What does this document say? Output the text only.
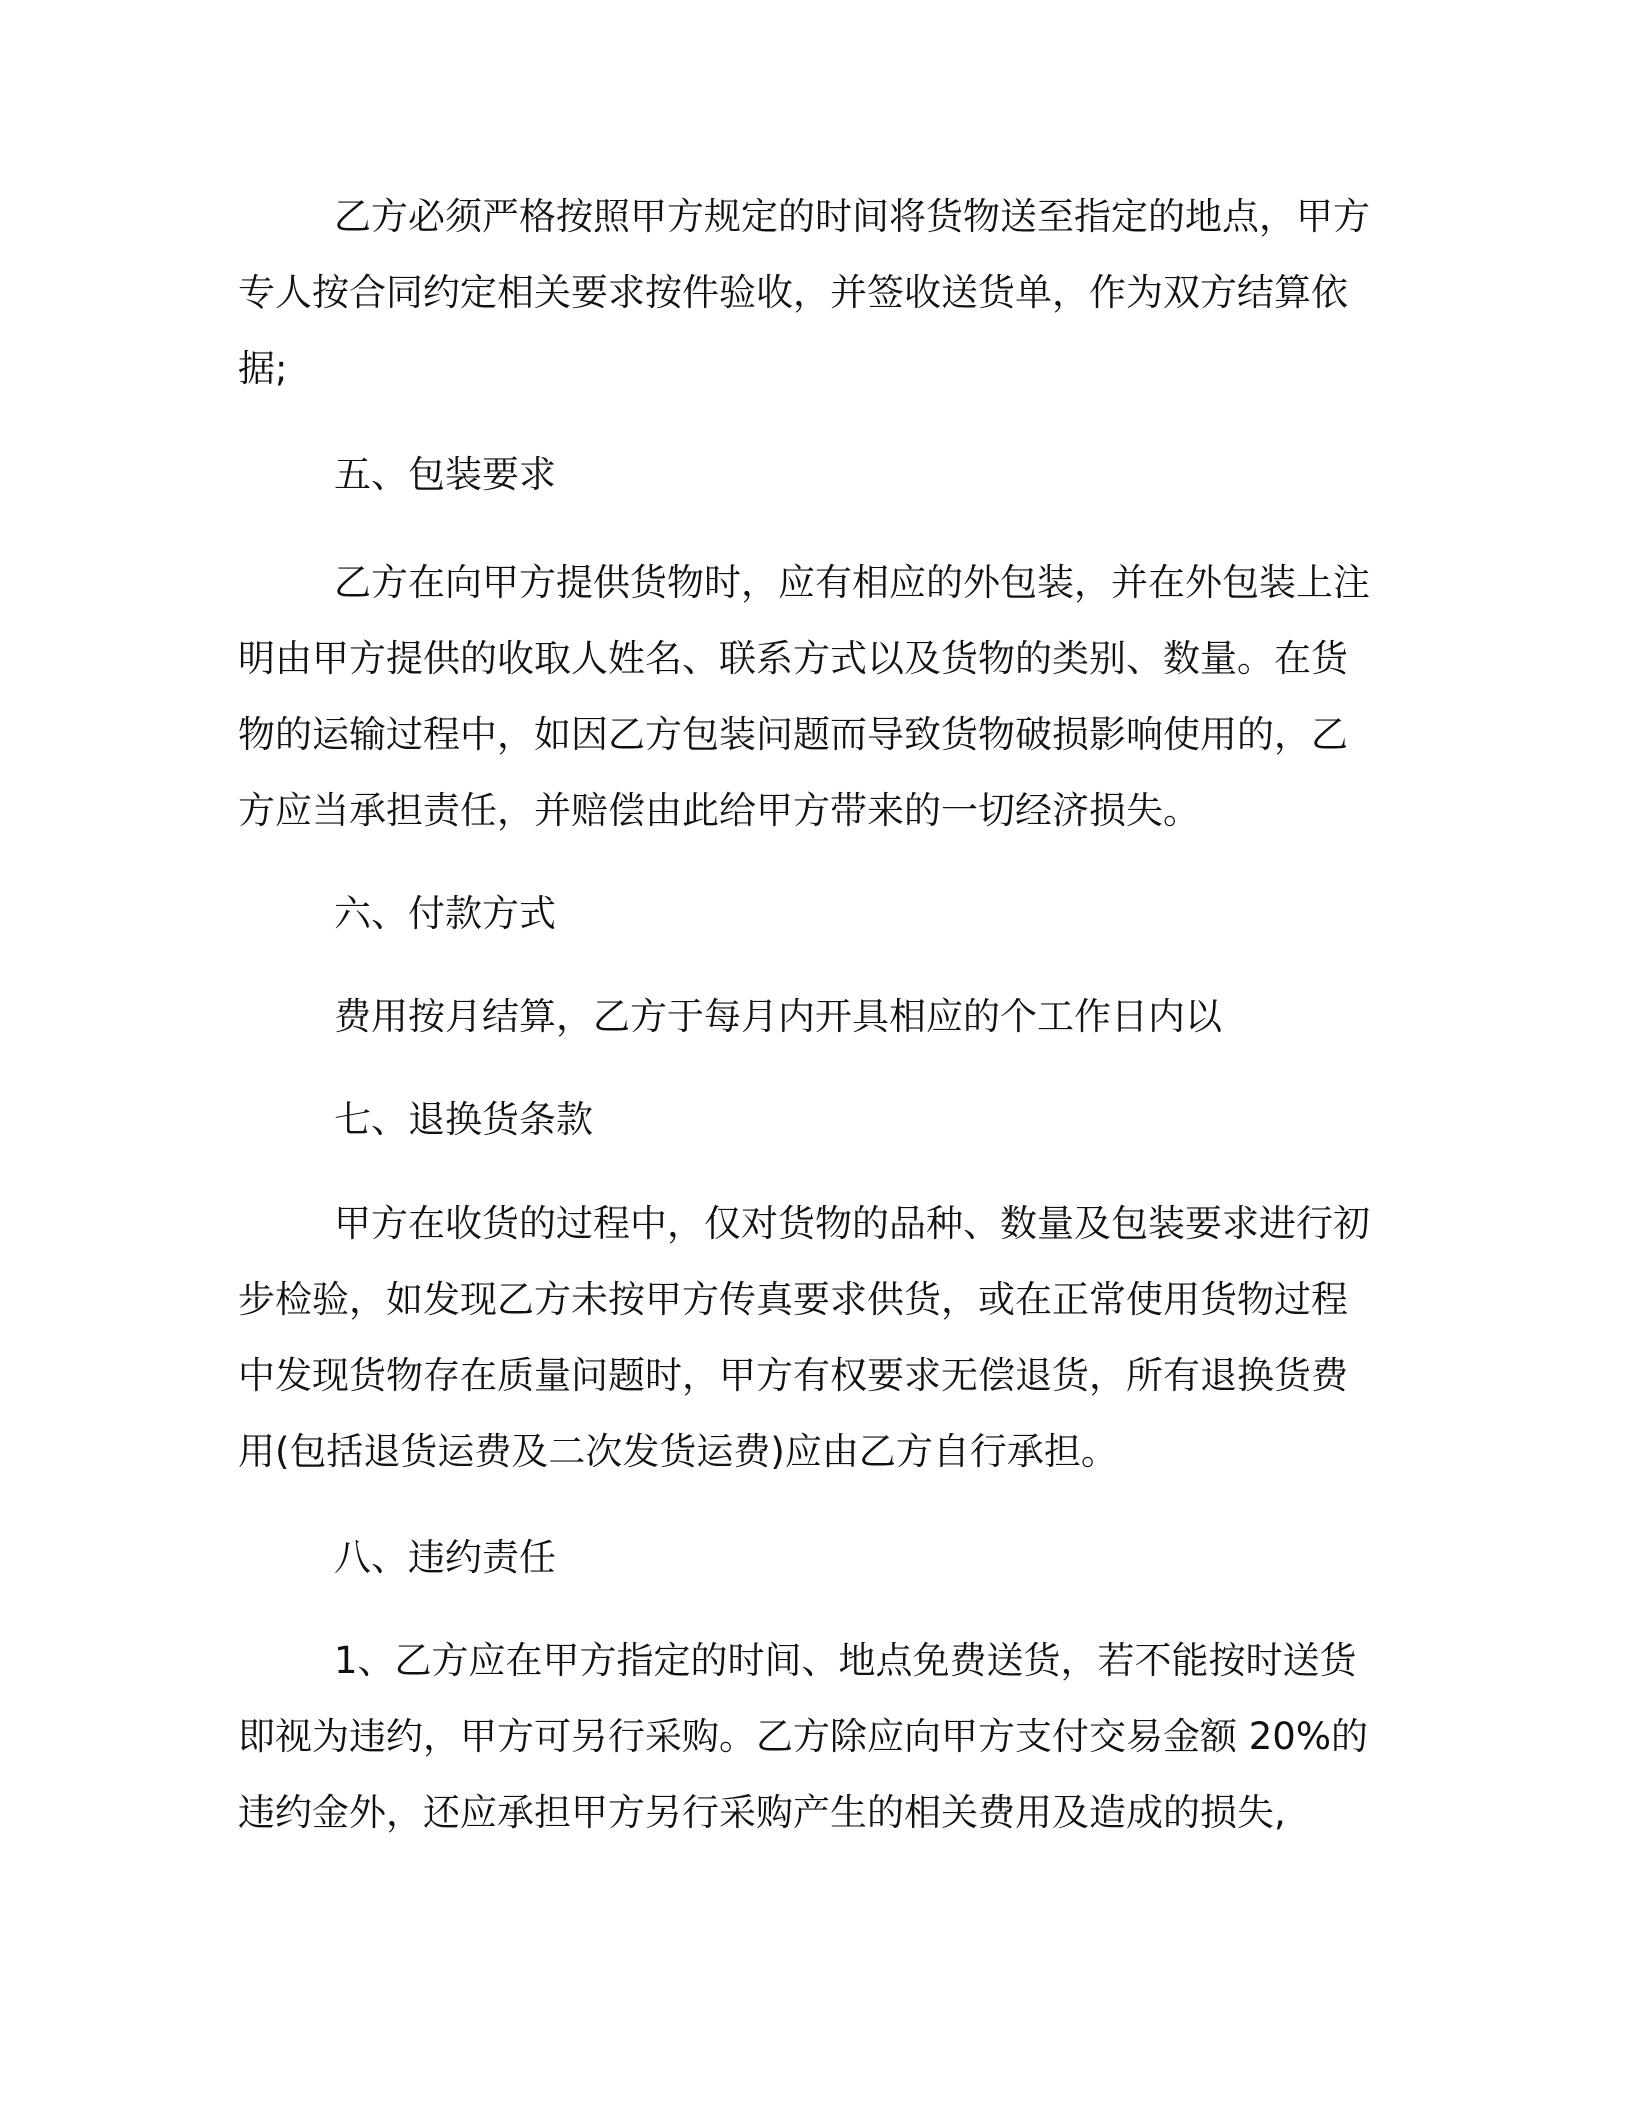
乙方必须严格按照甲方规定的时间将货物送至指定的地点，甲方

专人按合同约定相关要求按件验收，并签收送货单，作为双方结算依

据;

五、包装要求

乙方在向甲方提供货物时，应有相应的外包装，并在外包装上注

明由甲方提供的收取人姓名、联系方式以及货物的类别、数量。在货

物的运输过程中，如因乙方包装问题而导致货物破损影响使用的，乙

方应当承担责任，并赔偿由此给甲方带来的一切经济损失。

六、付款方式

费用按月结算，乙方于每月内开具相应的个工作日内以

七、退换货条款

甲方在收货的过程中，仅对货物的品种、数量及包装要求进行初

步检验，如发现乙方未按甲方传真要求供货，或在正常使用货物过程

中发现货物存在质量问题时，甲方有权要求无偿退货，所有退换货费

用(包括退货运费及二次发货运费)应由乙方自行承担。

八、违约责任

1、乙方应在甲方指定的时间、地点免费送货，若不能按时送货

即视为违约，甲方可另行采购。乙方除应向甲方支付交易金额 20%的

违约金外，还应承担甲方另行采购产生的相关费用及造成的损失,
